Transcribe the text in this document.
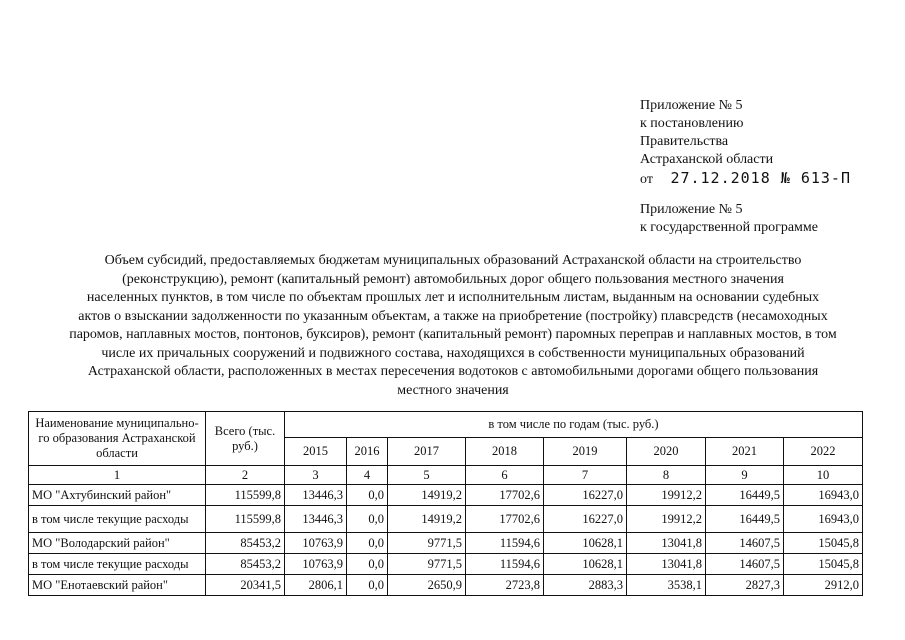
Приложение № 5
к постановлению
Правительства
Астраханской области
от 27.12.2018 № 613-П
Приложение № 5
к государственной программе
Объем субсидий, предоставляемых бюджетам муниципальных образований Астраханской области на строительство
(реконструкцию), ремонт (капитальный ремонт) автомобильных дорог общего пользования местного значения
населенных пунктов, в том числе по объектам прошлых лет и исполнительным листам, выданным на основании судебных
актов о взыскании задолженности по указанным объектам, а также на приобретение (постройку) плавсредств (несамоходных
паромов, наплавных мостов, понтонов, буксиров), ремонт (капитальный ремонт) паромных переправ и наплавных мостов, в том
числе их причальных сооружений и подвижного состава, находящихся в собственности муниципальных образований
Астраханской области, расположенных в местах пересечения водотоков с автомобильными дорогами общего пользования
местного значения
Наименование муниципально-го образования Астраханской области	Всего (тыс. руб.)	в том числе по годам (тыс. руб.)							
		2015	2016	2017	2018	2019	2020	2021	2022
1	2	3	4	5	6	7	8	9	10
МО "Ахтубинский район"	115599,8	13446,3	0,0	14919,2	17702,6	16227,0	19912,2	16449,5	16943,0
в том числе текущие расходы	115599,8	13446,3	0,0	14919,2	17702,6	16227,0	19912,2	16449,5	16943,0
МО "Володарский район"	85453,2	10763,9	0,0	9771,5	11594,6	10628,1	13041,8	14607,5	15045,8
в том числе текущие расходы	85453,2	10763,9	0,0	9771,5	11594,6	10628,1	13041,8	14607,5	15045,8
МО "Енотаевский район"	20341,5	2806,1	0,0	2650,9	2723,8	2883,3	3538,1	2827,3	2912,0
